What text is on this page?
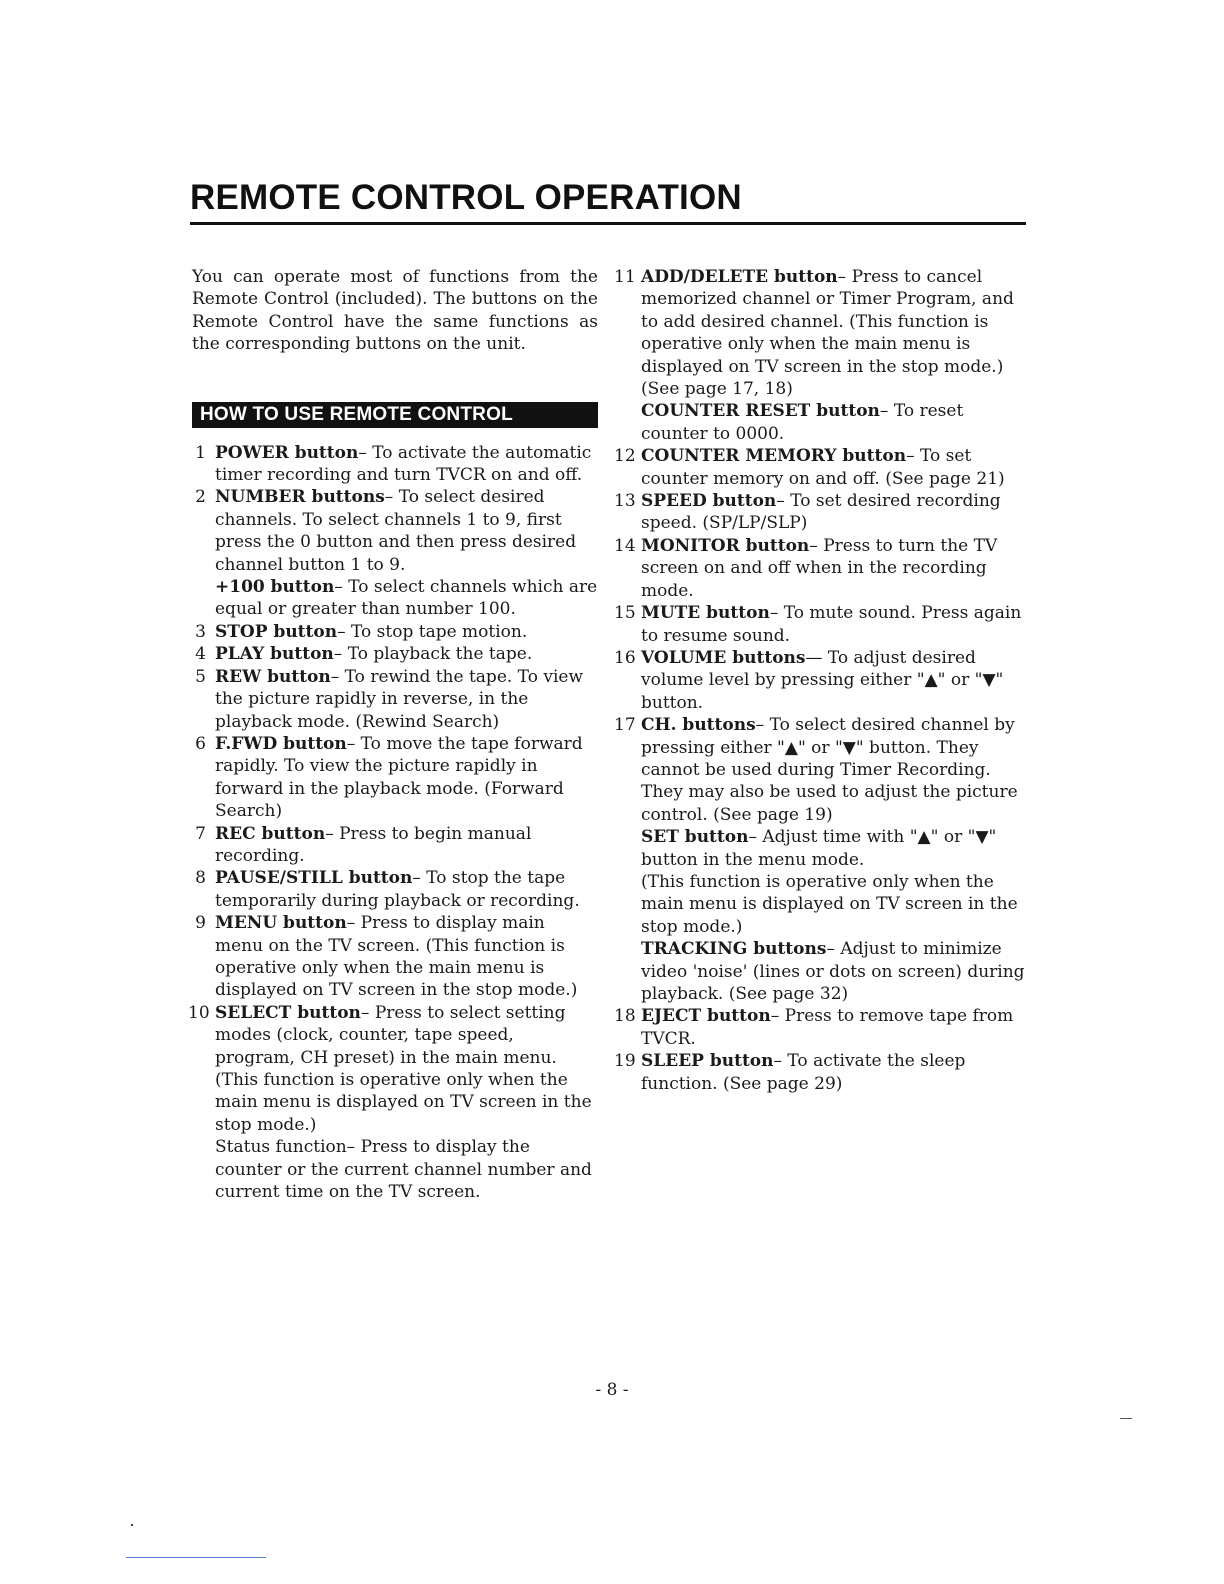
REMOTE CONTROL OPERATION

You can operate most of functions from the Remote Control (included). The buttons on the Remote Control have the same functions as the corresponding buttons on the unit.

HOW TO USE REMOTE CONTROL
1 POWER button– To activate the automatic timer recording and turn TVCR on and off.
2 NUMBER buttons– To select desired channels. To select channels 1 to 9, first press the 0 button and then press desired channel button 1 to 9.
+100 button– To select channels which are equal or greater than number 100.
3 STOP button– To stop tape motion.
4 PLAY button– To playback the tape.
5 REW button– To rewind the tape. To view the picture rapidly in reverse, in the playback mode. (Rewind Search)
6 F.FWD button– To move the tape forward rapidly. To view the picture rapidly in forward in the playback mode. (Forward Search)
7 REC button– Press to begin manual recording.
8 PAUSE/STILL button– To stop the tape temporarily during playback or recording.
9 MENU button– Press to display main menu on the TV screen. (This function is operative only when the main menu is displayed on TV screen in the stop mode.)
10 SELECT button– Press to select setting modes (clock, counter, tape speed, program, CH preset) in the main menu. (This function is operative only when the main menu is displayed on TV screen in the stop mode.)
Status function– Press to display the counter or the current channel number and current time on the TV screen.
11 ADD/DELETE button– Press to cancel memorized channel or Timer Program, and to add desired channel. (This function is operative only when the main menu is displayed on TV screen in the stop mode.) (See page 17, 18)
COUNTER RESET button– To reset counter to 0000.
12 COUNTER MEMORY button– To set counter memory on and off. (See page 21)
13 SPEED button– To set desired recording speed. (SP/LP/SLP)
14 MONITOR button– Press to turn the TV screen on and off when in the recording mode.
15 MUTE button– To mute sound. Press again to resume sound.
16 VOLUME buttons— To adjust desired volume level by pressing either "▲" or "▼" button.
17 CH. buttons– To select desired channel by pressing either "▲" or "▼" button. They cannot be used during Timer Recording.
They may also be used to adjust the picture control. (See page 19)
SET button– Adjust time with "▲" or "▼" button in the menu mode.
(This function is operative only when the main menu is displayed on TV screen in the stop mode.)
TRACKING buttons– Adjust to minimize video 'noise' (lines or dots on screen) during playback. (See page 32)
18 EJECT button– Press to remove tape from TVCR.
19 SLEEP button– To activate the sleep function. (See page 29)
- 8 -
